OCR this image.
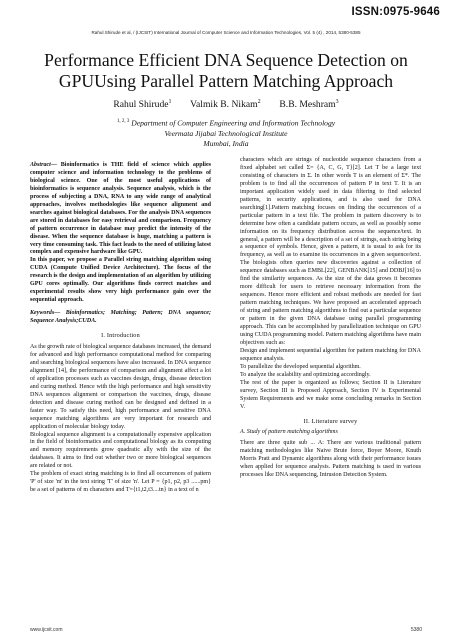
ISSN:0975-9646
Rahul Shirude et al, / (IJCSIT) International Journal of Computer Science and Information Technologies, Vol. 5 (4) , 2014, 5380-5385
Performance Efficient DNA Sequence Detection on
GPUUsing Parallel Pattern Matching Approach
Rahul Shirude$^1$ Valmik B. Nikam$^2$ B.B. Meshram$^3$
$^{1, 2, 3}$ Department of Computer Engineering and Information Technology
Veermata Jijabai Technological Institute
Mumbai, India

Abstract— Bioinformatics is THE field of science which applies computer science and information technology to the problems of biological science. One of the most useful applications of bioinformatics is sequence analysis. Sequence analysis, which is the process of subjecting a DNA, RNA to any wide range of analytical approaches, involves methodologies like sequence alignment and searches against biological databases. For the analysis DNA sequences are stored in databases for easy retrieval and comparison. Frequency of pattern occurrence in database may predict the intensity of the disease. When the sequence database is huge, matching a pattern is very time consuming task. This fact leads to the need of utilizing latest complex and expensive hardware like GPU.

In this paper, we propose a Parallel string matching algorithm using CUDA (Compute Unified Device Architecture). The focus of the research is the design and implementation of an algorithm by utilizing GPU cores optimally. Our algorithms finds correct matches and experimental results show very high performance gain over the sequential approach.

Keywords— Bioinformatics; Matching; Pattern; DNA sequence; Sequence Analysis;CUDA.

I. Introduction

As the growth rate of biological sequence databases increased, the demand for advanced and high performance computational method for comparing and searching biological sequences have also increased. In DNA sequence alignment [14], the performance of comparison and alignment affect a lot of application processes such as vaccines design, drugs, disease detection and curing method. Hence with the high performance and high sensitivity DNA sequences alignment or comparison the vaccines, drugs, disease detection and disease curing method can be designed and defined in a faster way. To satisfy this need, high performance and sensitive DNA sequence matching algorithms are very important for research and application of molecular biology today.

Biological sequence alignment is a computationally expensive application in the field of bioinformatics and computational biology as its computing and memory requirements grow quadratic ally with the size of the databases. It aims to find out whether two or more biological sequences are related or not.

The problem of exact string matching is to find all occurrences of pattern 'P' of size 'm' in the text string 'T' of size 'n'. Let P = {p1, p2, p3 ......pm} be a set of patterns of m characters and T={t1,t2,t3....tn} in a text of n

characters which are strings of nucleotide sequence characters from a fixed alphabet set called Σ= {A, C, G, T}[2]. Let T be a large text consisting of characters in Σ. In other words T is an element of Σ*. The problem is to find all the occurrences of pattern P in text T. It is an important application widely used in data filtering to find selected patterns, in security applications, and is also used for DNA searching[1].Pattern matching focuses on finding the occurrences of a particular pattern in a text file. The problem in pattern discovery is to determine how often a candidate pattern occurs, as well as possibly some information on its frequency distribution across the sequence/text. In general, a pattern will be a description of a set of strings, each string being a sequence of symbols. Hence, given a pattern, it is usual to ask for its frequency, as well as to examine its occurrences in a given sequence/text. The biologists often queries new discoveries against a collection of sequence databases such as EMBL[22], GENBANK[15] and DDBJ[16] to find the similarity sequences. As the size of the data grows it becomes more difficult for users to retrieve necessary information from the sequences. Hence more efficient and robust methods are needed for fast pattern matching techniques. We have proposed an accelerated approach of string and pattern matching algorithms to find out a particular sequence or pattern in the given DNA database using parallel programming approach. This can be accomplished by parallelization technique on GPU using CUDA programming model. Pattern matching algorithms have main objectives such as:

Design and implement sequential algorithm for pattern matching for DNA sequence analysis.

To parallelize the developed sequential algorithm.

To analyze the scalability and optimizing accordingly.

The rest of the paper is organized as follows; Section II is Literature survey, Section III is Proposed Approach, Section IV is Experimental System Requirements and we make some concluding remarks in Section V.

II. Literature survey
A. Study of pattern matching algorithms

There are three quite sub ... A: There are various traditional pattern matching methodologies like Naive Brute force, Boyer Moore, Knuth Morris Pratt and Dynamic algorithms along with their performance issues when applied for sequence analysis. Pattern matching is used in various processes like DNA sequencing, Intrusion Detection System.

www.ijcsit.com	5380
